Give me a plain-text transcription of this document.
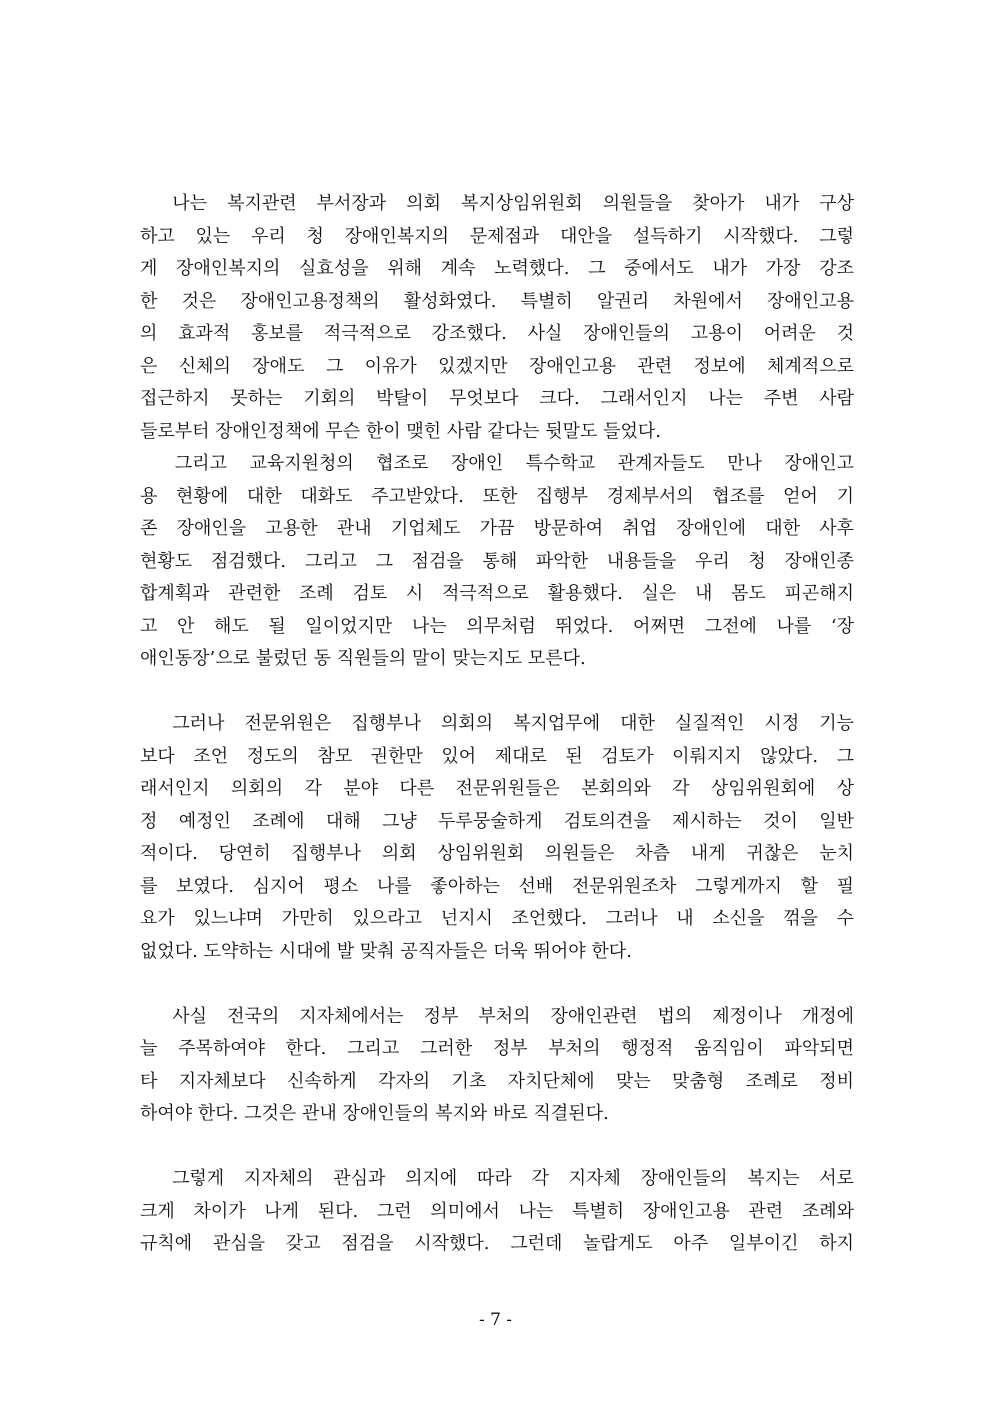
　나는 복지관련 부서장과 의회 복지상임위원회 의원들을 찾아가 내가 구상
하고 있는 우리 청 장애인복지의 문제점과 대안을 설득하기 시작했다. 그렇
게 장애인복지의 실효성을 위해 계속 노력했다. 그 중에서도 내가 가장 강조
한 것은 장애인고용정책의 활성화였다. 특별히 알권리 차원에서 장애인고용
의 효과적 홍보를 적극적으로 강조했다. 사실 장애인들의 고용이 어려운 것
은 신체의 장애도 그 이유가 있겠지만 장애인고용 관련 정보에 체계적으로
접근하지 못하는 기회의 박탈이 무엇보다 크다. 그래서인지 나는 주변 사람
들로부터 장애인정책에 무슨 한이 맺힌 사람 같다는 뒷말도 들었다.
　그리고 교육지원청의 협조로 장애인 특수학교 관계자들도 만나 장애인고
용 현황에 대한 대화도 주고받았다. 또한 집행부 경제부서의 협조를 얻어 기
존 장애인을 고용한 관내 기업체도 가끔 방문하여 취업 장애인에 대한 사후
현황도 점검했다. 그리고 그 점검을 통해 파악한 내용들을 우리 청 장애인종
합계획과 관련한 조례 검토 시 적극적으로 활용했다. 실은 내 몸도 피곤해지
고 안 해도 될 일이었지만 나는 의무처럼 뛰었다. 어쩌면 그전에 나를 ‘장
애인동장’으로 불렀던 동 직원들의 말이 맞는지도 모른다.
　그러나 전문위원은 집행부나 의회의 복지업무에 대한 실질적인 시정 기능
보다 조언 정도의 참모 권한만 있어 제대로 된 검토가 이뤄지지 않았다. 그
래서인지 의회의 각 분야 다른 전문위원들은 본회의와 각 상임위원회에 상
정 예정인 조례에 대해 그냥 두루뭉술하게 검토의견을 제시하는 것이 일반
적이다. 당연히 집행부나 의회 상임위원회 의원들은 차츰 내게 귀찮은 눈치
를 보였다. 심지어 평소 나를 좋아하는 선배 전문위원조차 그렇게까지 할 필
요가 있느냐며 가만히 있으라고 넌지시 조언했다. 그러나 내 소신을 꺾을 수
없었다. 도약하는 시대에 발 맞춰 공직자들은 더욱 뛰어야 한다.
　사실 전국의 지자체에서는 정부 부처의 장애인관련 법의 제정이나 개정에
늘 주목하여야 한다. 그리고 그러한 정부 부처의 행정적 움직임이 파악되면
타 지자체보다 신속하게 각자의 기초 자치단체에 맞는 맞춤형 조례로 정비
하여야 한다. 그것은 관내 장애인들의 복지와 바로 직결된다.
　그렇게 지자체의 관심과 의지에 따라 각 지자체 장애인들의 복지는 서로
크게 차이가 나게 된다. 그런 의미에서 나는 특별히 장애인고용 관련 조례와
규칙에 관심을 갖고 점검을 시작했다. 그런데 놀랍게도 아주 일부이긴 하지
- 7 -
